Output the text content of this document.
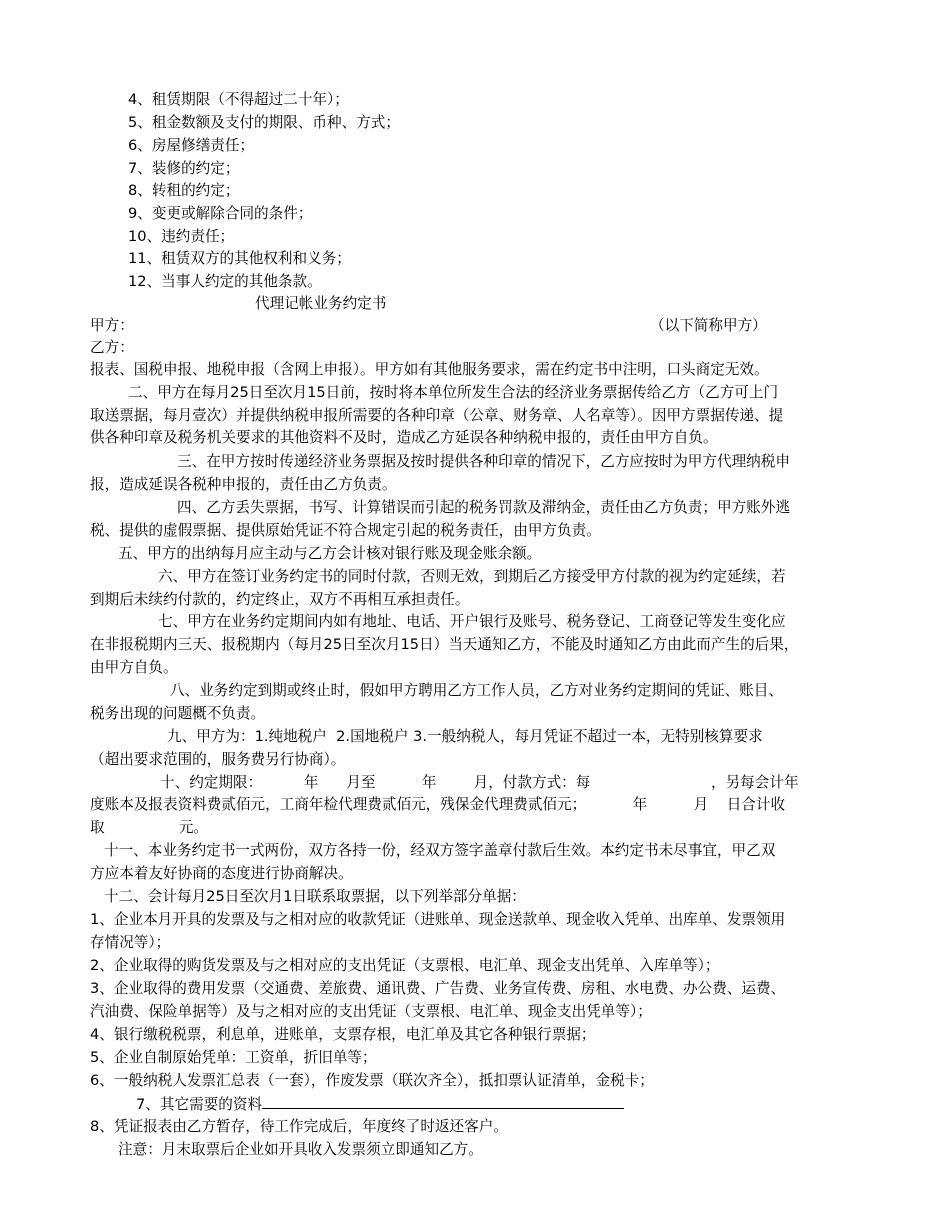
4、租赁期限（不得超过二十年）；
5、租金数额及支付的期限、币种、方式；
6、房屋修缮责任；
7、装修的约定；
8、转租的约定；
9、变更或解除合同的条件；
10、违约责任；
11、租赁双方的其他权利和义务；
12、当事人约定的其他条款。
代理记帐业务约定书
甲方：	（以下简称甲方）
乙方：
报表、国税申报、地税申报（含网上申报）。甲方如有其他服务要求，需在约定书中注明，口头商定无效。
二、甲方在每月25日至次月15日前，按时将本单位所发生合法的经济业务票据传给乙方（乙方可上门
取送票据，每月壹次）并提供纳税申报所需要的各种印章（公章、财务章、人名章等）。因甲方票据传递、提
供各种印章及税务机关要求的其他资料不及时，造成乙方延误各种纳税申报的，责任由甲方自负。
三、在甲方按时传递经济业务票据及按时提供各种印章的情况下，乙方应按时为甲方代理纳税申
报，造成延误各税种申报的，责任由乙方负责。
四、乙方丢失票据，书写、计算错误而引起的税务罚款及滞纳金，责任由乙方负责；甲方账外逃
税、提供的虚假票据、提供原始凭证不符合规定引起的税务责任，由甲方负责。
五、甲方的出纳每月应主动与乙方会计核对银行账及现金账余额。
六、甲方在签订业务约定书的同时付款，否则无效，到期后乙方接受甲方付款的视为约定延续，若
到期后未续约付款的，约定终止，双方不再相互承担责任。
七、甲方在业务约定期间内如有地址、电话、开户银行及账号、税务登记、工商登记等发生变化应
在非报税期内三天、报税期内（每月25日至次月15日）当天通知乙方，不能及时通知乙方由此而产生的后果，
由甲方自负。
八、业务约定到期或终止时，假如甲方聘用乙方工作人员，乙方对业务约定期间的凭证、账目、
税务出现的问题概不负责。
九、甲方为：1.纯地税户  2.国地税户 3.一般纳税人，每月凭证不超过一本，无特别核算要求
（超出要求范围的，服务费另行协商）。
十、约定期限：         年      月至          年        月，付款方式：每                          ，另每会计年
度账本及报表资料费贰佰元，工商年检代理费贰佰元，残保金代理费贰佰元；          年          月    日合计收
取                元。
十一、本业务约定书一式两份，双方各持一份，经双方签字盖章付款后生效。本约定书未尽事宜，甲乙双
方应本着友好协商的态度进行协商解决。
十二、会计每月25日至次月1日联系取票据，以下列举部分单据：
1、企业本月开具的发票及与之相对应的收款凭证（进账单、现金送款单、现金收入凭单、出库单、发票领用
存情况等）；
2、企业取得的购货发票及与之相对应的支出凭证（支票根、电汇单、现金支出凭单、入库单等）；
3、企业取得的费用发票（交通费、差旅费、通讯费、广告费、业务宣传费、房租、水电费、办公费、运费、
汽油费、保险单据等）及与之相对应的支出凭证（支票根、电汇单、现金支出凭单等）；
4、银行缴税税票，利息单，进账单，支票存根，电汇单及其它各种银行票据；
5、企业自制原始凭单：工资单，折旧单等；
6、一般纳税人发票汇总表（一套），作废发票（联次齐全），抵扣票认证清单，金税卡；
7、其它需要的资料
8、凭证报表由乙方暂存，待工作完成后，年度终了时返还客户。
注意：月末取票后企业如开具收入发票须立即通知乙方。
